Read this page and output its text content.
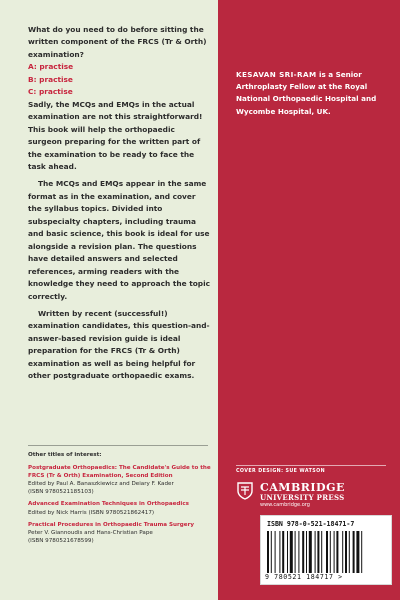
What do you need to do before sitting the written component of the FRCS (Tr & Orth) examination?

A: practise

B: practise

C: practise

Sadly, the MCQs and EMQs in the actual examination are not this straightforward! This book will help the orthopaedic surgeon preparing for the written part of the examination to be ready to face the task ahead.

The MCQs and EMQs appear in the same format as in the examination, and cover the syllabus topics. Divided into subspecialty chapters, including trauma and basic science, this book is ideal for use alongside a revision plan. The questions have detailed answers and selected references, arming readers with the knowledge they need to approach the topic correctly.

Written by recent (successful!) examination candidates, this question-and-answer-based revision guide is ideal preparation for the FRCS (Tr & Orth) examination as well as being helpful for other postgraduate orthopaedic exams.

Other titles of interest:
Postgraduate Orthopaedics: The Candidate's Guide to the FRCS (Tr & Orth) Examination, Second Edition
Edited by Paul A. Banaszkiewicz and Deiary F. Kader
(ISBN 9780521185103)
Advanced Examination Techniques in Orthopaedics
Edited by Nick Harris (ISBN 9780521862417)
Practical Procedures in Orthopaedic Trauma Surgery
Peter V. Giannoudis and Hans-Christian Pape
(ISBN 9780521678599)
KESAVAN SRI-RAM is a Senior Arthroplasty Fellow at the Royal National Orthopaedic Hospital and Wycombe Hospital, UK.
COVER DESIGN: SUE WATSON
CAMBRIDGE
UNIVERSITY PRESS
www.cambridge.org
ISBN 978-0-521-18471-7
9 780521 184717 >
